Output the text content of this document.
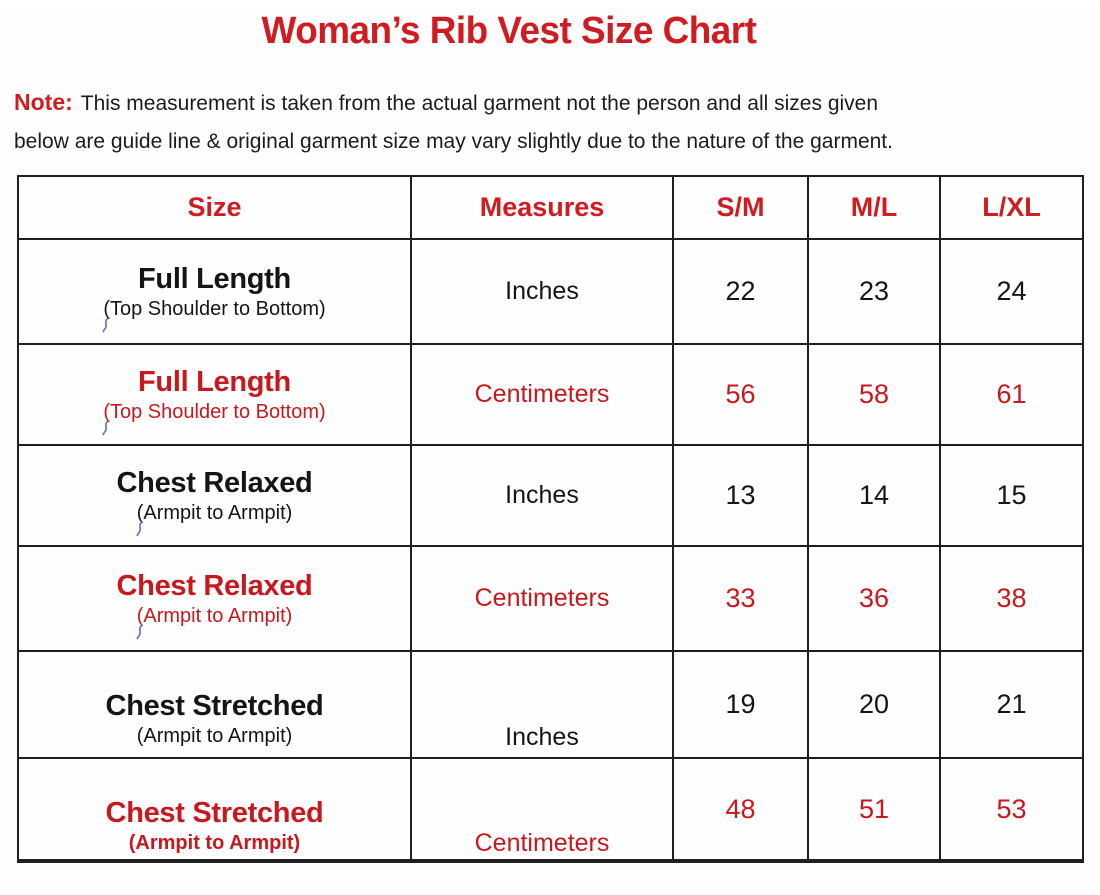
Woman’s Rib Vest Size Chart

Note: This measurement is taken from the actual garment not the person and all sizes given
below are guide line & original garment size may vary slightly due to the nature of the garment.

Size	Measures	S/M	M/L	L/XL

Full Length
(Top Shoulder to Bottom)	Inches	22	23	24

Full Length
(Top Shoulder to Bottom)	Centimeters	56	58	61

Chest Relaxed
(Armpit to Armpit)	Inches	13	14	15

Chest Relaxed
(Armpit to Armpit)	Centimeters	33	36	38

Chest Stretched
(Armpit to Armpit)	Inches	19	20	21

Chest Stretched
(Armpit to Armpit)	Centimeters	48	51	53
